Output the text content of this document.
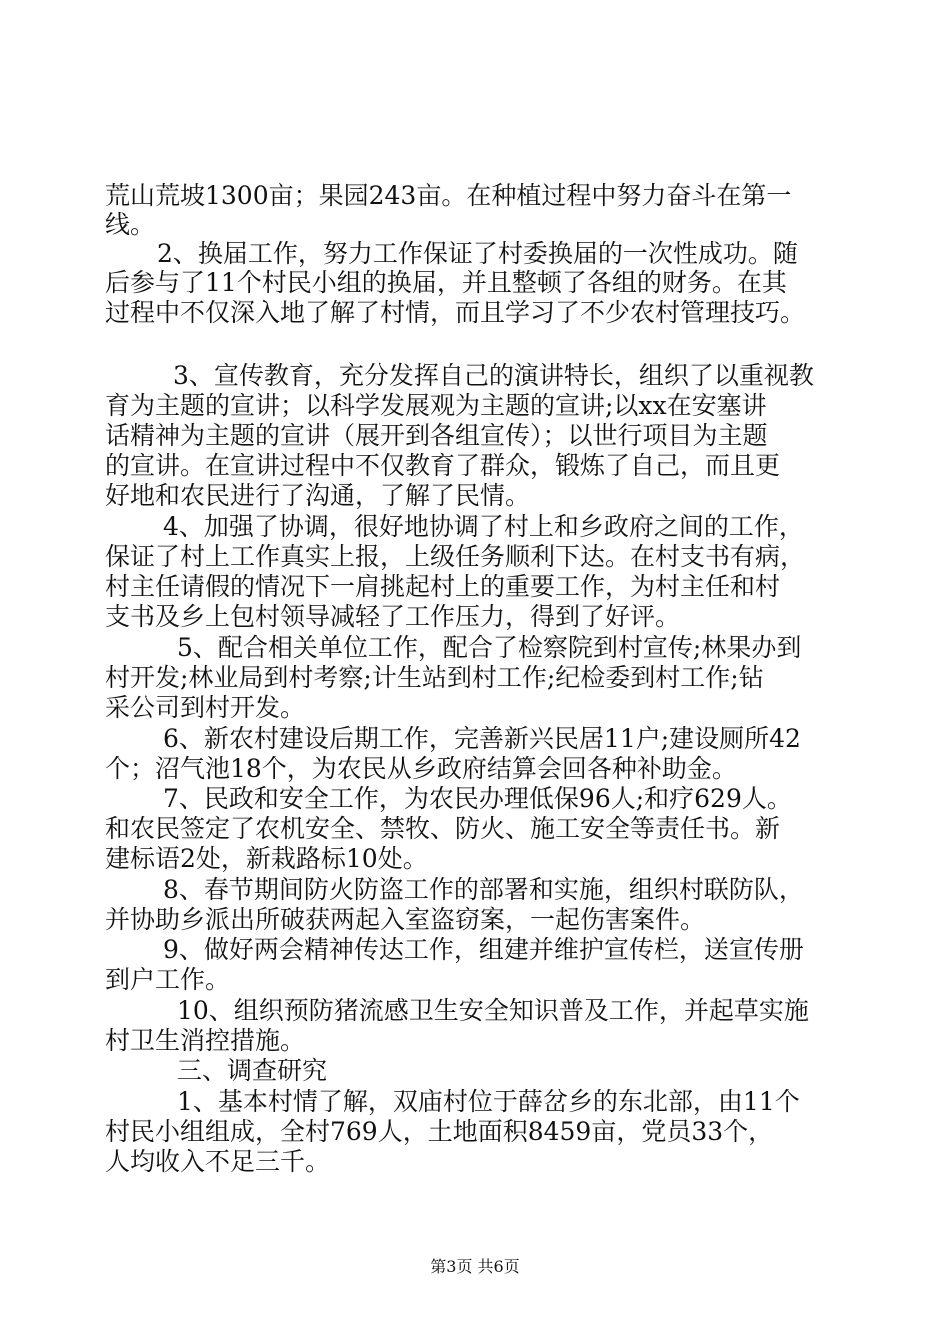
荒山荒坡1300亩；果园243亩。在种植过程中努力奋斗在第一
线。
2、换届工作，努力工作保证了村委换届的一次性成功。随
后参与了11个村民小组的换届，并且整顿了各组的财务。在其
过程中不仅深入地了解了村情，而且学习了不少农村管理技巧。
3、宣传教育，充分发挥自己的演讲特长，组织了以重视教
育为主题的宣讲；以科学发展观为主题的宣讲;以xx在安塞讲
话精神为主题的宣讲（展开到各组宣传）；以世行项目为主题
的宣讲。在宣讲过程中不仅教育了群众，锻炼了自己，而且更
好地和农民进行了沟通，了解了民情。
4、加强了协调，很好地协调了村上和乡政府之间的工作，
保证了村上工作真实上报，上级任务顺利下达。在村支书有病，
村主任请假的情况下一肩挑起村上的重要工作，为村主任和村
支书及乡上包村领导减轻了工作压力，得到了好评。
5、配合相关单位工作，配合了检察院到村宣传;林果办到
村开发;林业局到村考察;计生站到村工作;纪检委到村工作;钻
采公司到村开发。
6、新农村建设后期工作，完善新兴民居11户;建设厕所42
个；沼气池18个，为农民从乡政府结算会回各种补助金。
7、民政和安全工作，为农民办理低保96人;和疗629人。
和农民签定了农机安全、禁牧、防火、施工安全等责任书。新
建标语2处，新栽路标10处。
8、春节期间防火防盗工作的部署和实施，组织村联防队，
并协助乡派出所破获两起入室盗窃案，一起伤害案件。
9、做好两会精神传达工作，组建并维护宣传栏，送宣传册
到户工作。
10、组织预防猪流感卫生安全知识普及工作，并起草实施
村卫生消控措施。
三、调查研究
1、基本村情了解，双庙村位于薛岔乡的东北部，由11个
村民小组组成，全村769人，土地面积8459亩，党员33个，
人均收入不足三千。
第3页 共6页
